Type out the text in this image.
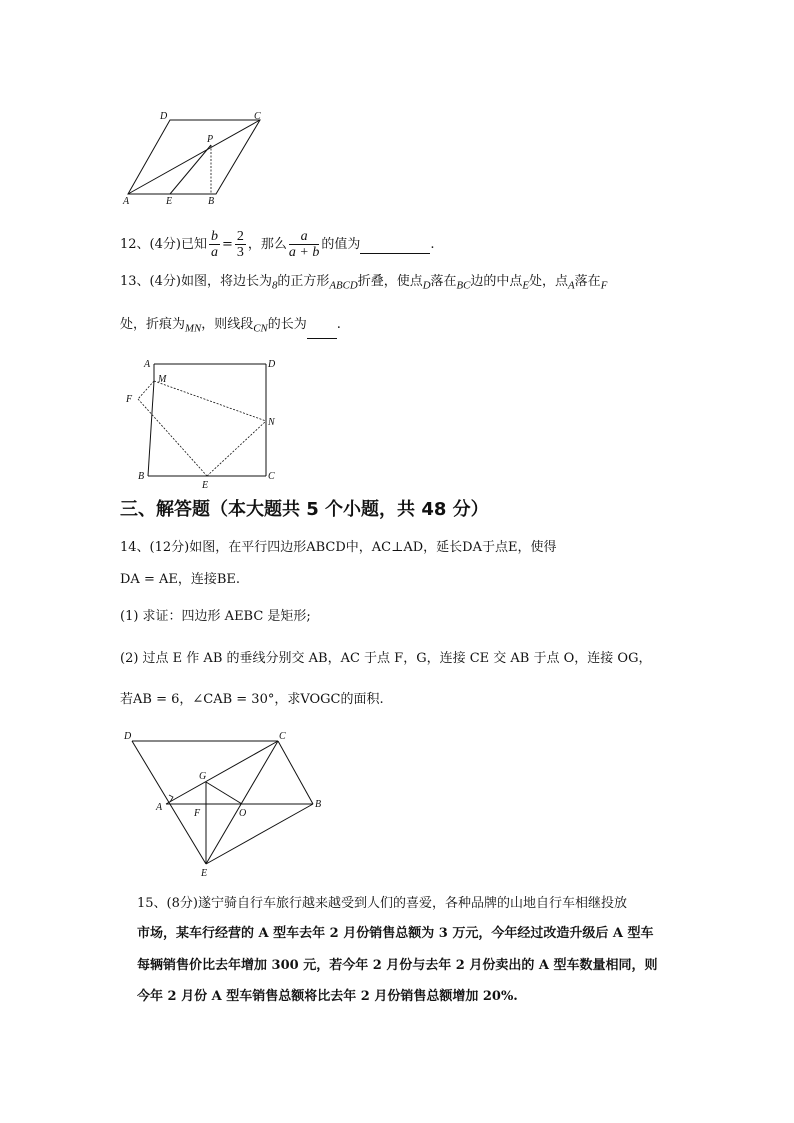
D	C
P
A	E	B
12、(4分)已知 $\frac{b}{a} = \frac{2}{3}$ ，那么 $\frac{a}{a + b}$ 的值为	.
13、(4分)如图，将边长为$_8$的正方形$_{ABCD}$折叠，使点$_D$落在$_{BC}$边的中点$_E$处，点$_A$落在$_F$
处，折痕为$_{MN}$，则线段$_{CN}$的长为 .
A	D
M
F
N
B
E
C
三、解答题（本大题共 5 个小题，共 48 分）
14、(12分)如图，在平行四边形ABCD中，AC⊥AD，延长DA于点E，使得
DA = AE，连接BE.
(1) 求证：四边形 AEBC 是矩形;
(2) 过点 E 作 AB 的垂线分别交 AB，AC 于点 F，G，连接 CE 交 AB 于点 O，连接 OG，
若AB = 6，∠CAB = 30°，求VOGC的面积.
D	C
G
A
F	O
B
E
15、(8分)遂宁骑自行车旅行越来越受到人们的喜爱，各种品牌的山地自行车相继投放
市场，某车行经营的 A 型车去年 2 月份销售总额为 3 万元，今年经过改造升级后 A 型车
每辆销售价比去年增加 300 元，若今年 2 月份与去年 2 月份卖出的 A 型车数量相同，则
今年 2 月份 A 型车销售总额将比去年 2 月份销售总额增加 20%.
